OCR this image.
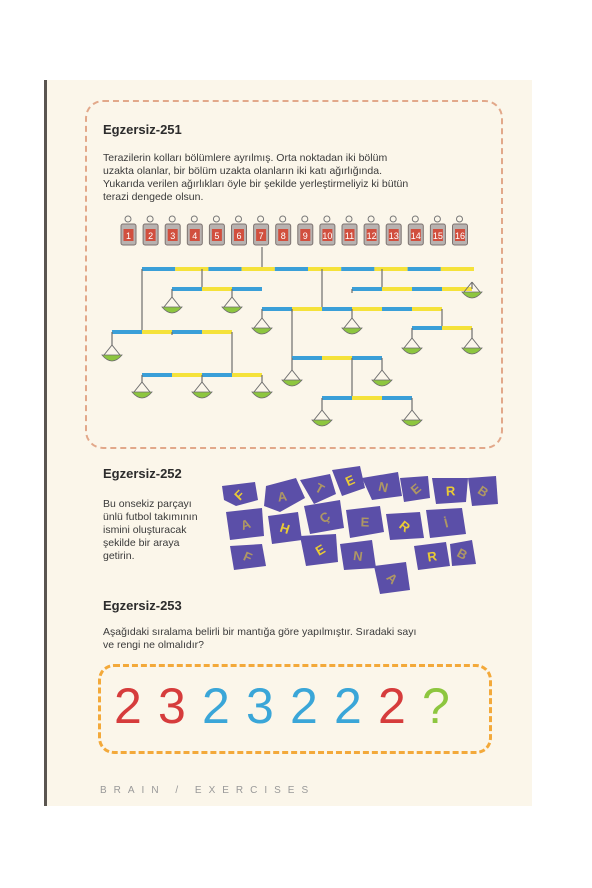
Egzersiz-251
Terazilerin kolları bölümlere ayrılmış. Orta noktadan iki bölüm
uzakta olanlar, bir bölüm uzakta olanların iki katı ağırlığında.
Yukarıda verilen ağırlıkları öyle bir şekilde yerleştirmeliyiz ki bütün
terazi dengede olsun.
1 2 3 4 5 6 7 8 9 10 11 12 13 14 15 16
Egzersiz-252
Bu onsekiz parçayı
ünlü futbol takımının
ismini oluşturacak
şekilde bir araya
getirin.
F A T E N E R B
A H
Ç E R İ
F	E N
A
R B
Egzersiz-253
Aşağıdaki sıralama belirli bir mantığa göre yapılmıştır. Sıradaki sayı
ve rengi ne olmalıdır?
2 3 2 3 2 2 2 ?
BRAIN / EXERCISES
